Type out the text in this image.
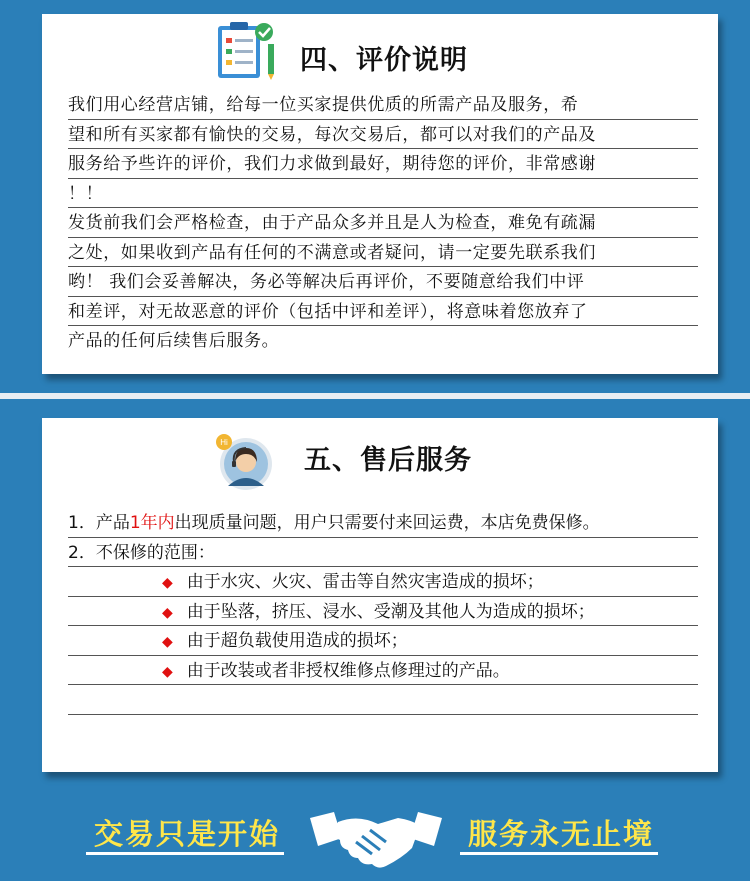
四、评价说明
我们用心经营店铺，给每一位买家提供优质的所需产品及服务，希
望和所有买家都有愉快的交易，每次交易后，都可以对我们的产品及
服务给予些许的评价，我们力求做到最好，期待您的评价，非常感谢
！！
发货前我们会严格检查，由于产品众多并且是人为检查，难免有疏漏
之处，如果收到产品有任何的不满意或者疑问，请一定要先联系我们
哟！ 我们会妥善解决，务必等解决后再评价，不要随意给我们中评
和差评，对无故恶意的评价（包括中评和差评），将意味着您放弃了
产品的任何后续售后服务。
Hi
五、售后服务
1．产品1年内出现质量问题，用户只需要付来回运费，本店免费保修。
2．不保修的范围：
◆ 由于水灾、火灾、雷击等自然灾害造成的损坏；
◆ 由于坠落，挤压、浸水、受潮及其他人为造成的损坏；
◆ 由于超负载使用造成的损坏；
◆ 由于改装或者非授权维修点修理过的产品。
交易只是开始	服务永无止境
